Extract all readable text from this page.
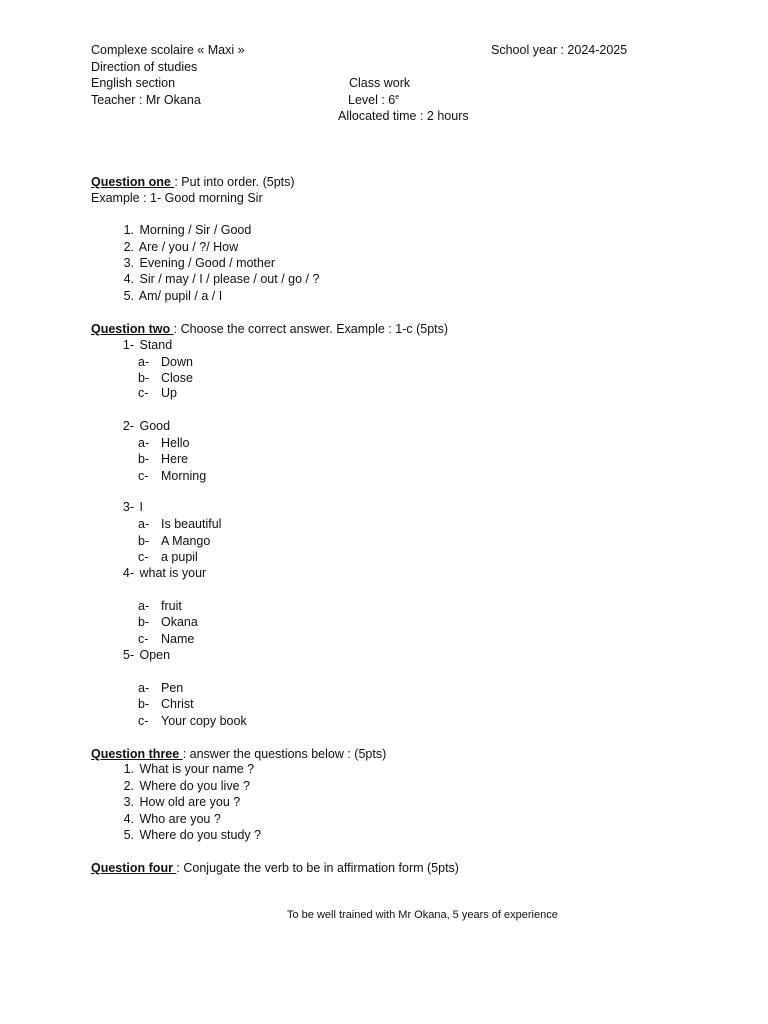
Complexe scolaire « Maxi »	School year : 2024-2025
Direction of studies
English section	Class work
Teacher : Mr Okana	Level : 6e
Allocated time : 2 hours
Question one : Put into order. (5pts)
Example : 1- Good morning Sir
1. Morning / Sir / Good
2. Are / you / ?/ How
3. Evening / Good / mother
4. Sir / may / I / please / out / go / ?
5. Am/ pupil / a / I
Question two : Choose the correct answer. Example : 1-c (5pts)
1- Stand
a- Down
b- Close
c- Up
2- Good
a- Hello
b- Here
c- Morning
3- I
a- Is beautiful
b- A Mango
c- a pupil
4- what is your
a- fruit
b- Okana
c- Name
5- Open
a- Pen
b- Christ
c- Your copy book
Question three : answer the questions below : (5pts)
1. What is your name ?
2. Where do you live ?
3. How old are you ?
4. Who are you ?
5. Where do you study ?
Question four : Conjugate the verb to be in affirmation form (5pts)
To be well trained with Mr Okana, 5 years of experience
